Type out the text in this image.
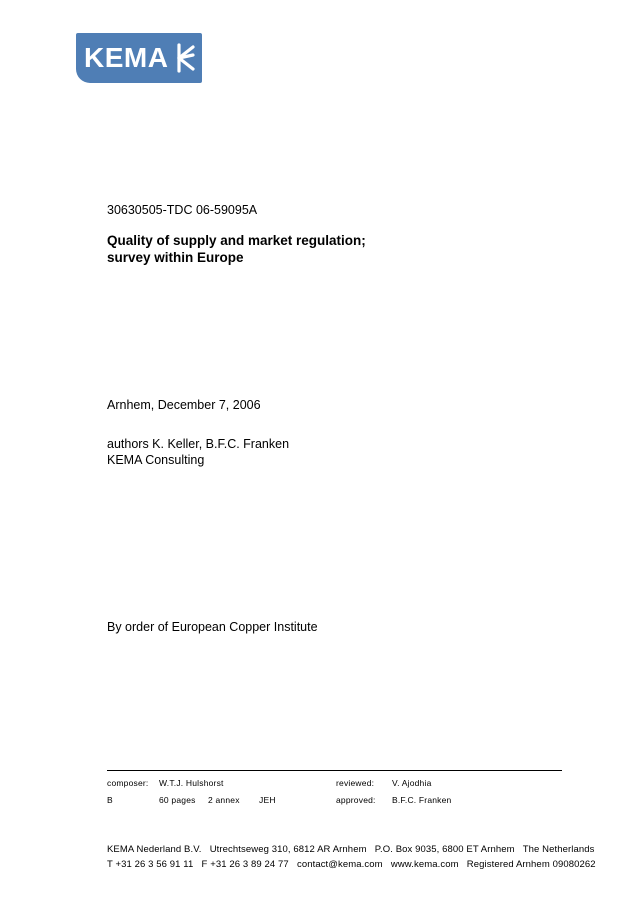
KEMA
30630505-TDC 06-59095A
Quality of supply and market regulation;
survey within Europe
Arnhem, December 7, 2006
authors K. Keller, B.F.C. Franken
KEMA Consulting
By order of European Copper Institute
composer: W.T.J. Hulshorst	reviewed: V. Ajodhia
B	60 pages 2 annex JEH	approved: B.F.C. Franken
KEMA Nederland B.V.   Utrechtseweg 310, 6812 AR Arnhem   P.O. Box 9035, 6800 ET Arnhem   The Netherlands
T +31 26 3 56 91 11   F +31 26 3 89 24 77   contact@kema.com   www.kema.com   Registered Arnhem 09080262
